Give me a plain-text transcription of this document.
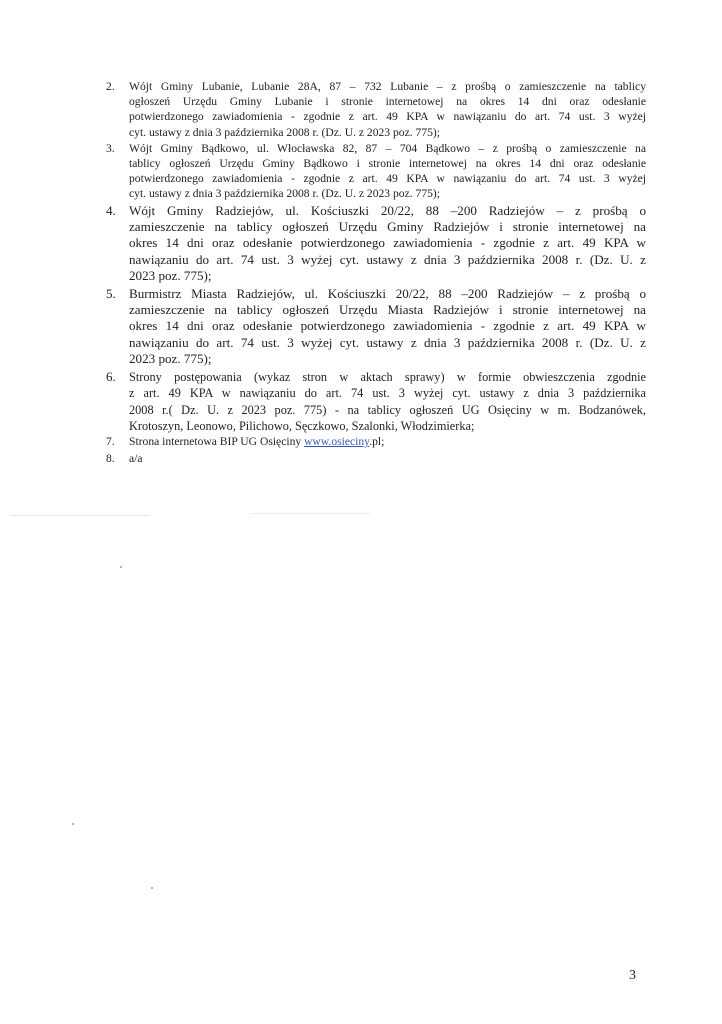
2. Wójt Gminy Lubanie, Lubanie 28A, 87 – 732 Lubanie – z prośbą o zamieszczenie na tablicy
ogłoszeń Urzędu Gminy Lubanie i stronie internetowej na okres 14 dni oraz odesłanie
potwierdzonego zawiadomienia - zgodnie z art. 49 KPA w nawiązaniu do art. 74 ust. 3 wyżej
cyt. ustawy z dnia 3 października 2008 r. (Dz. U. z 2023 poz. 775);
3. Wójt Gminy Bądkowo, ul. Włocławska 82, 87 – 704 Bądkowo – z prośbą o zamieszczenie na
tablicy ogłoszeń Urzędu Gminy Bądkowo i stronie internetowej na okres 14 dni oraz odesłanie
potwierdzonego zawiadomienia - zgodnie z art. 49 KPA w nawiązaniu do art. 74 ust. 3 wyżej
cyt. ustawy z dnia 3 października 2008 r. (Dz. U. z 2023 poz. 775);
4. Wójt Gminy Radziejów, ul. Kościuszki 20/22, 88 –200 Radziejów – z prośbą o
zamieszczenie na tablicy ogłoszeń Urzędu Gminy Radziejów i stronie internetowej na
okres 14 dni oraz odesłanie potwierdzonego zawiadomienia - zgodnie z art. 49 KPA w
nawiązaniu do art. 74 ust. 3 wyżej cyt. ustawy z dnia 3 października 2008 r. (Dz. U. z
2023 poz. 775);
5. Burmistrz Miasta Radziejów, ul. Kościuszki 20/22, 88 –200 Radziejów – z prośbą o
zamieszczenie na tablicy ogłoszeń Urzędu Miasta Radziejów i stronie internetowej na
okres 14 dni oraz odesłanie potwierdzonego zawiadomienia - zgodnie z art. 49 KPA w
nawiązaniu do art. 74 ust. 3 wyżej cyt. ustawy z dnia 3 października 2008 r. (Dz. U. z
2023 poz. 775);
6. Strony postępowania (wykaz stron w aktach sprawy) w formie obwieszczenia zgodnie
z art. 49 KPA w nawiązaniu do art. 74 ust. 3 wyżej cyt. ustawy z dnia 3 października
2008 r.( Dz. U. z 2023 poz. 775) - na tablicy ogłoszeń UG Osięciny w m. Bodzanówek,
Krotoszyn, Leonowo, Pilichowo, Sęczkowo, Szalonki, Włodzimierka;
7. Strona internetowa BIP UG Osięciny www.osieciny.pl;
8. a/a
3
